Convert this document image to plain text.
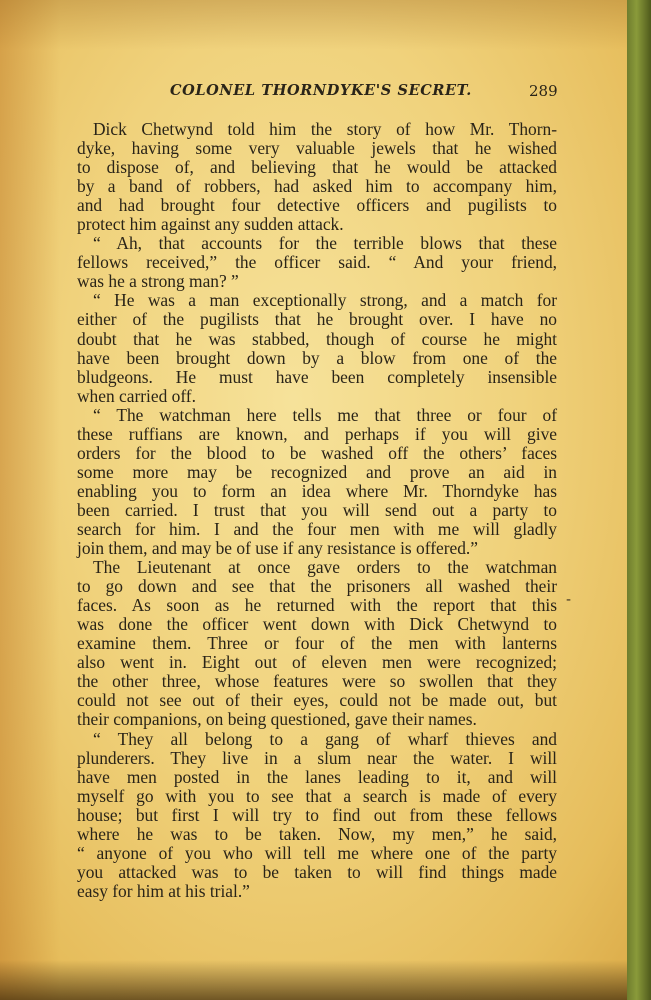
COLONEL THORNDYKE'S SECRET.	289
Dick Chetwynd told him the story of how Mr. Thorn-
dyke, having some very valuable jewels that he wished
to dispose of, and believing that he would be attacked
by a band of robbers, had asked him to accompany him,
and had brought four detective officers and pugilists to
protect him against any sudden attack.
“ Ah, that accounts for the terrible blows that these
fellows received,” the officer said. “ And your friend,
was he a strong man? ”
“ He was a man exceptionally strong, and a match for
either of the pugilists that he brought over. I have no
doubt that he was stabbed, though of course he might
have been brought down by a blow from one of the
bludgeons. He must have been completely insensible
when carried off.
“ The watchman here tells me that three or four of
these ruffians are known, and perhaps if you will give
orders for the blood to be washed off the others’ faces
some more may be recognized and prove an aid in
enabling you to form an idea where Mr. Thorndyke has
been carried. I trust that you will send out a party to
search for him. I and the four men with me will gladly
join them, and may be of use if any resistance is offered.”
The Lieutenant at once gave orders to the watchman
to go down and see that the prisoners all washed their
faces. As soon as he returned with the report that this
was done the officer went down with Dick Chetwynd to
examine them. Three or four of the men with lanterns
also went in. Eight out of eleven men were recognized;
the other three, whose features were so swollen that they
could not see out of their eyes, could not be made out, but
their companions, on being questioned, gave their names.
“ They all belong to a gang of wharf thieves and
plunderers. They live in a slum near the water. I will
have men posted in the lanes leading to it, and will
myself go with you to see that a search is made of every
house; but first I will try to find out from these fellows
where he was to be taken. Now, my men,” he said,
“ anyone of you who will tell me where one of the party
you attacked was to be taken to will find things made
easy for him at his trial.”
-
